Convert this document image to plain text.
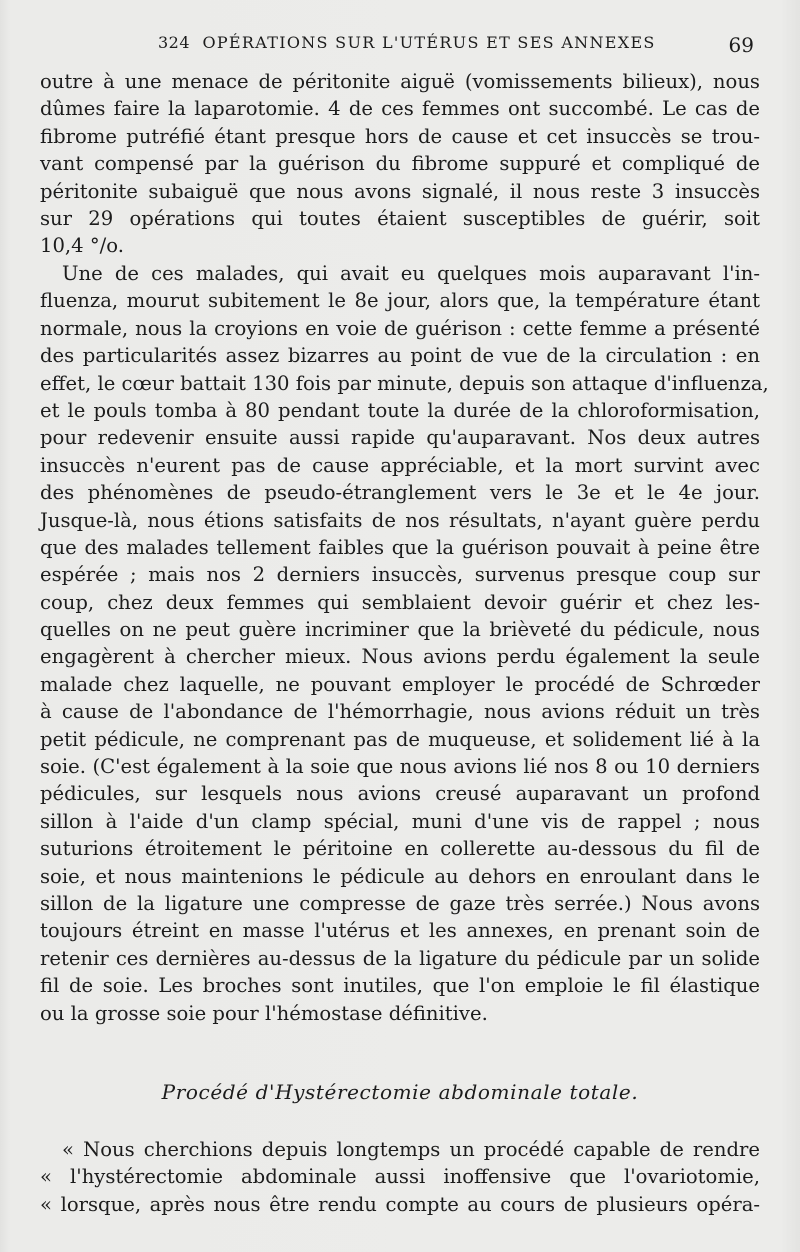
324 OPÉRATIONS SUR L'UTÉRUS ET SES ANNEXES	69
outre à une menace de péritonite aiguë (vomissements bilieux), nous
dûmes faire la laparotomie. 4 de ces femmes ont succombé. Le cas de
fibrome putréfié étant presque hors de cause et cet insuccès se trou-
vant compensé par la guérison du fibrome suppuré et compliqué de
péritonite subaiguë que nous avons signalé, il nous reste 3 insuccès
sur 29 opérations qui toutes étaient susceptibles de guérir, soit
10,4 °/o.
Une de ces malades, qui avait eu quelques mois auparavant l'in-
fluenza, mourut subitement le 8e jour, alors que, la température étant
normale, nous la croyions en voie de guérison : cette femme a présenté
des particularités assez bizarres au point de vue de la circulation : en
effet, le cœur battait 130 fois par minute, depuis son attaque d'influenza,
et le pouls tomba à 80 pendant toute la durée de la chloroformisation,
pour redevenir ensuite aussi rapide qu'auparavant. Nos deux autres
insuccès n'eurent pas de cause appréciable, et la mort survint avec
des phénomènes de pseudo-étranglement vers le 3e et le 4e jour.
Jusque-là, nous étions satisfaits de nos résultats, n'ayant guère perdu
que des malades tellement faibles que la guérison pouvait à peine être
espérée ; mais nos 2 derniers insuccès, survenus presque coup sur
coup, chez deux femmes qui semblaient devoir guérir et chez les-
quelles on ne peut guère incriminer que la brièveté du pédicule, nous
engagèrent à chercher mieux. Nous avions perdu également la seule
malade chez laquelle, ne pouvant employer le procédé de Schrœder
à cause de l'abondance de l'hémorrhagie, nous avions réduit un très
petit pédicule, ne comprenant pas de muqueuse, et solidement lié à la
soie. (C'est également à la soie que nous avions lié nos 8 ou 10 derniers
pédicules, sur lesquels nous avions creusé auparavant un profond
sillon à l'aide d'un clamp spécial, muni d'une vis de rappel ; nous
suturions étroitement le péritoine en collerette au-dessous du fil de
soie, et nous maintenions le pédicule au dehors en enroulant dans le
sillon de la ligature une compresse de gaze très serrée.) Nous avons
toujours étreint en masse l'utérus et les annexes, en prenant soin de
retenir ces dernières au-dessus de la ligature du pédicule par un solide
fil de soie. Les broches sont inutiles, que l'on emploie le fil élastique
ou la grosse soie pour l'hémostase définitive.
Procédé d'Hystérectomie abdominale totale.
« Nous cherchions depuis longtemps un procédé capable de rendre
« l'hystérectomie abdominale aussi inoffensive que l'ovariotomie,
« lorsque, après nous être rendu compte au cours de plusieurs opéra-
